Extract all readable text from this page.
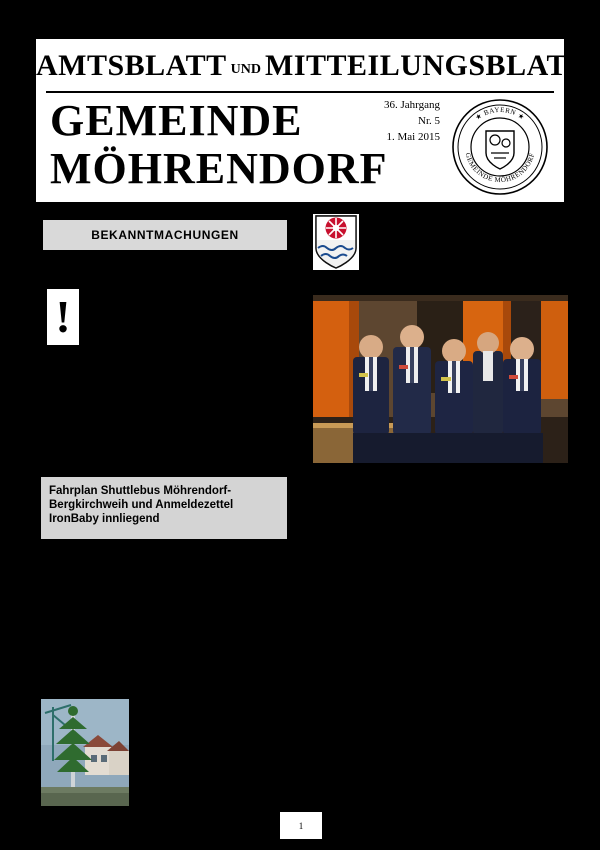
AMTSBLATT UND MITTEILUNGSBLATT
GEMEINDE
MÖHRENDORF
36. Jahrgang
Nr. 5
1. Mai 2015
★ BAYERN ★
GEMEINDE MÖHRENDORF
BEKANNTMACHUNGEN
!

Fahrplan Shuttlebus Möhrendorf-Bergkirchweih und Anmeldezettel IronBaby innliegend

1
